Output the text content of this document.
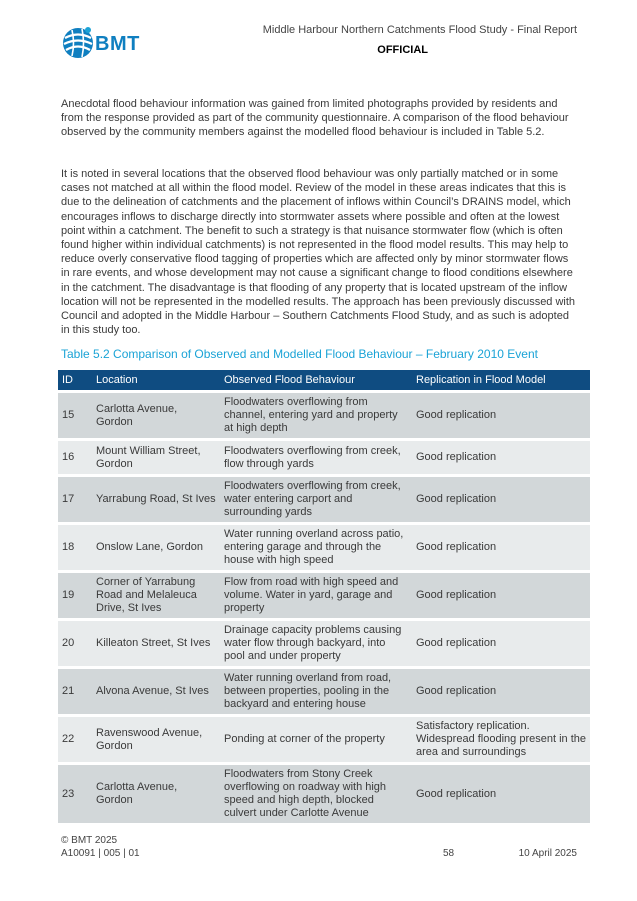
BMT
Middle Harbour Northern Catchments Flood Study - Final Report
OFFICIAL

Anecdotal flood behaviour information was gained from limited photographs provided by residents and from the response provided as part of the community questionnaire. A comparison of the flood behaviour observed by the community members against the modelled flood behaviour is included in Table 5.2.

It is noted in several locations that the observed flood behaviour was only partially matched or in some cases not matched at all within the flood model. Review of the model in these areas indicates that this is due to the delineation of catchments and the placement of inflows within Council’s DRAINS model, which encourages inflows to discharge directly into stormwater assets where possible and often at the lowest point within a catchment. The benefit to such a strategy is that nuisance stormwater flow (which is often found higher within individual catchments) is not represented in the flood model results. This may help to reduce overly conservative flood tagging of properties which are affected only by minor stormwater flows in rare events, and whose development may not cause a significant change to flood conditions elsewhere in the catchment. The disadvantage is that flooding of any property that is located upstream of the inflow location will not be represented in the modelled results. The approach has been previously discussed with Council and adopted in the Middle Harbour – Southern Catchments Flood Study, and as such is adopted in this study too.

Table 5.2 Comparison of Observed and Modelled Flood Behaviour – February 2010 Event
ID	Location	Observed Flood Behaviour	Replication in Flood Model
15	Carlotta Avenue, Gordon	Floodwaters overflowing from channel, entering yard and property at high depth	Good replication
16	Mount William Street, Gordon	Floodwaters overflowing from creek, flow through yards	Good replication
17	Yarrabung Road, St Ives	Floodwaters overflowing from creek, water entering carport and surrounding yards	Good replication
18	Onslow Lane, Gordon	Water running overland across patio, entering garage and through the house with high speed	Good replication
19	Corner of Yarrabung Road and Melaleuca Drive, St Ives	Flow from road with high speed and volume. Water in yard, garage and property	Good replication
20	Killeaton Street, St Ives	Drainage capacity problems causing water flow through backyard, into pool and under property	Good replication
21	Alvona Avenue, St Ives	Water running overland from road, between properties, pooling in the backyard and entering house	Good replication
22	Ravenswood Avenue, Gordon	Ponding at corner of the property	Satisfactory replication. Widespread flooding present in the area and surroundings
23	Carlotta Avenue, Gordon	Floodwaters from Stony Creek overflowing on roadway with high speed and high depth, blocked culvert under Carlotte Avenue	Good replication
© BMT 2025
A10091 | 005 | 01	58	10 April 2025
